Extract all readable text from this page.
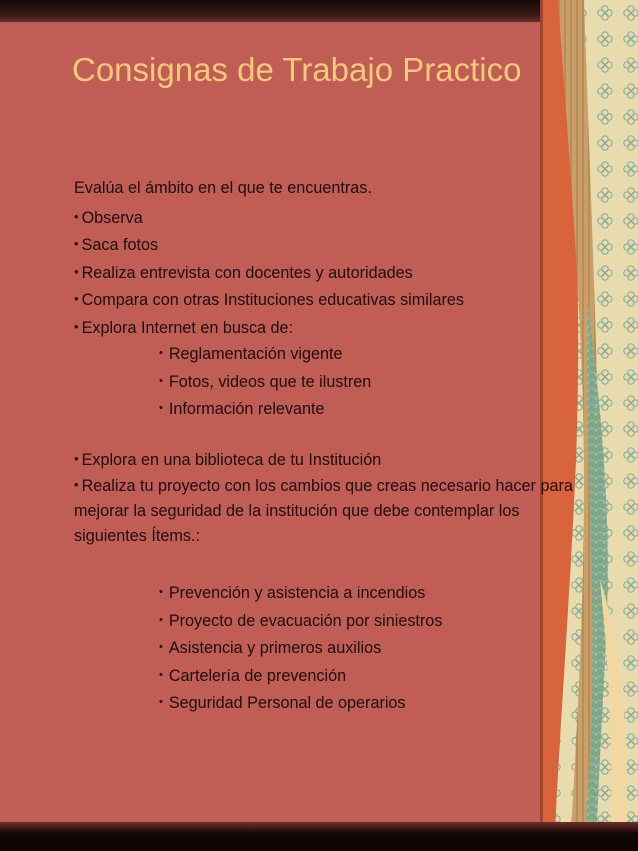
Consignas de Trabajo Practico

Evalúa el ámbito en el que te encuentras.

• Observa

• Saca fotos

• Realiza entrevista con docentes y autoridades

• Compara con otras Instituciones educativas similares

• Explora Internet en busca de:

• Reglamentación vigente

• Fotos, videos que te ilustren

• Información relevante

• Explora en una biblioteca de tu Institución

• Realiza tu proyecto con los cambios que creas necesario hacer para mejorar la seguridad de la institución que debe contemplar los siguientes Ítems.:

• Prevención y asistencia a incendios

• Proyecto de evacuación por siniestros

• Asistencia y primeros auxilios

• Cartelería de prevención

• Seguridad Personal de operarios
